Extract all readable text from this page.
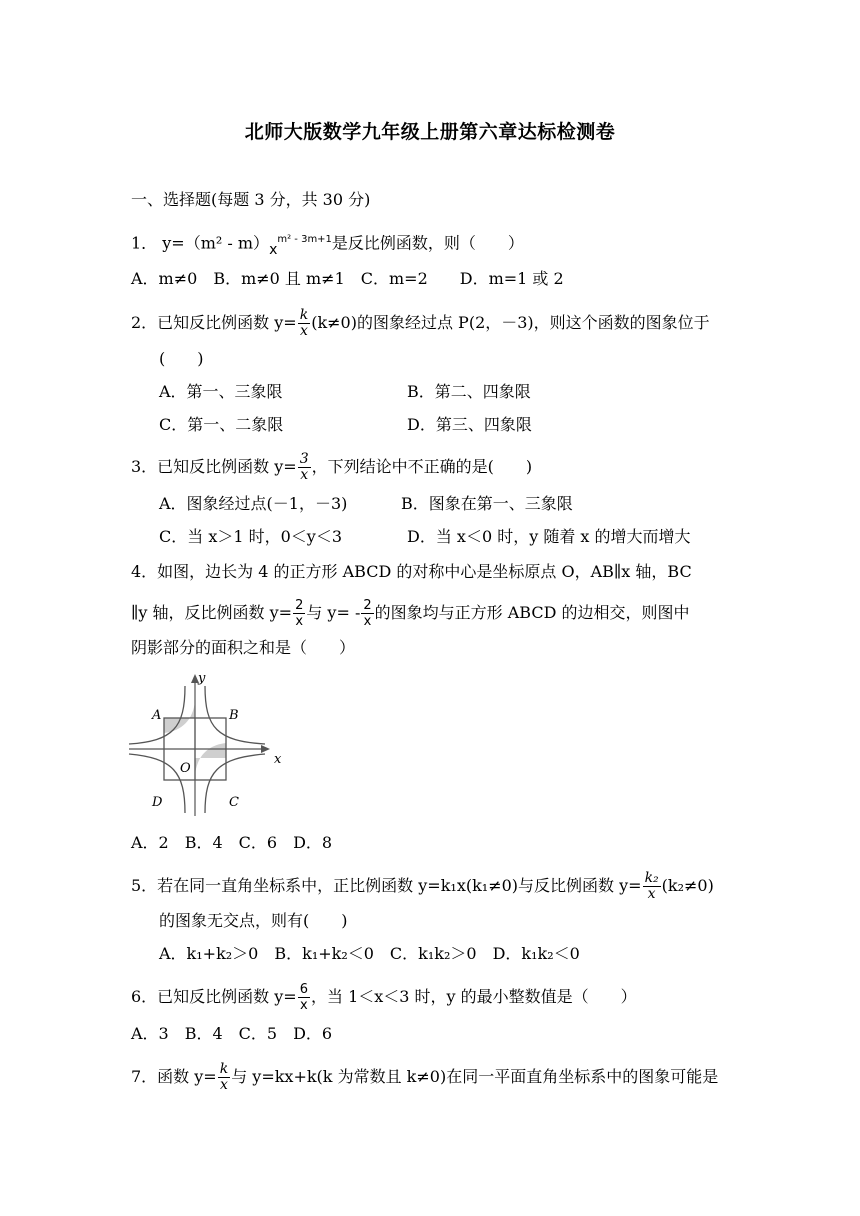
北师大版数学九年级上册第六章达标检测卷
一、选择题(每题 3 分，共 30 分)
1． $y=(m^2 - m)x^{m^2 - 3m+1}$是反比例函数，则（　　）
A．m≠0　B．m≠0 且 m≠1　C．m=2　　D．m=1 或 2
2．已知反比例函数 $y= \frac{k}{x} (k\ne 0)$的图象经过点 P(2，－3)，则这个函数的图象位于
(　　)
A．第一、三象限	B．第二、四象限
C．第一、二象限	D．第三、四象限
3．已知反比例函数 $y= \frac{3}{x}$ ，下列结论中不正确的是(　　)
A．图象经过点(－1，－3)	B．图象在第一、三象限
C．当 x＞1 时，0＜y＜3	D．当 x＜0 时，y 随着 x 的增大而增大
4．如图，边长为 4 的正方形 ABCD 的对称中心是坐标原点 O，AB∥x 轴，BC
∥y 轴，反比例函数 $y= \frac{2}{x}$ 与 $y= - \frac{2}{x}$ 的图象均与正方形 ABCD 的边相交，则图中
阴影部分的面积之和是（　　）
A	B
C
D
O
x
y
A．2　B．4　C．6　D．8
5．若在同一直角坐标系中，正比例函数 y=k₁x(k₁≠0)与反比例函数 $y= \frac{\text{k₂}}{x} (k_2\ne 0)$
的图象无交点，则有(　　)
A．k₁+k₂＞0　B．k₁+k₂＜0　C．k₁k₂＞0　D．k₁k₂＜0
6．已知反比例函数 $y= \frac{6}{x}$ ，当 1＜x＜3 时，y 的最小整数值是（　　）
A．3　B．4　C．5　D．6
7．函数 $y= \frac{k}{x}$ 与 y=kx+k(k 为常数且 k≠0)在同一平面直角坐标系中的图象可能是
